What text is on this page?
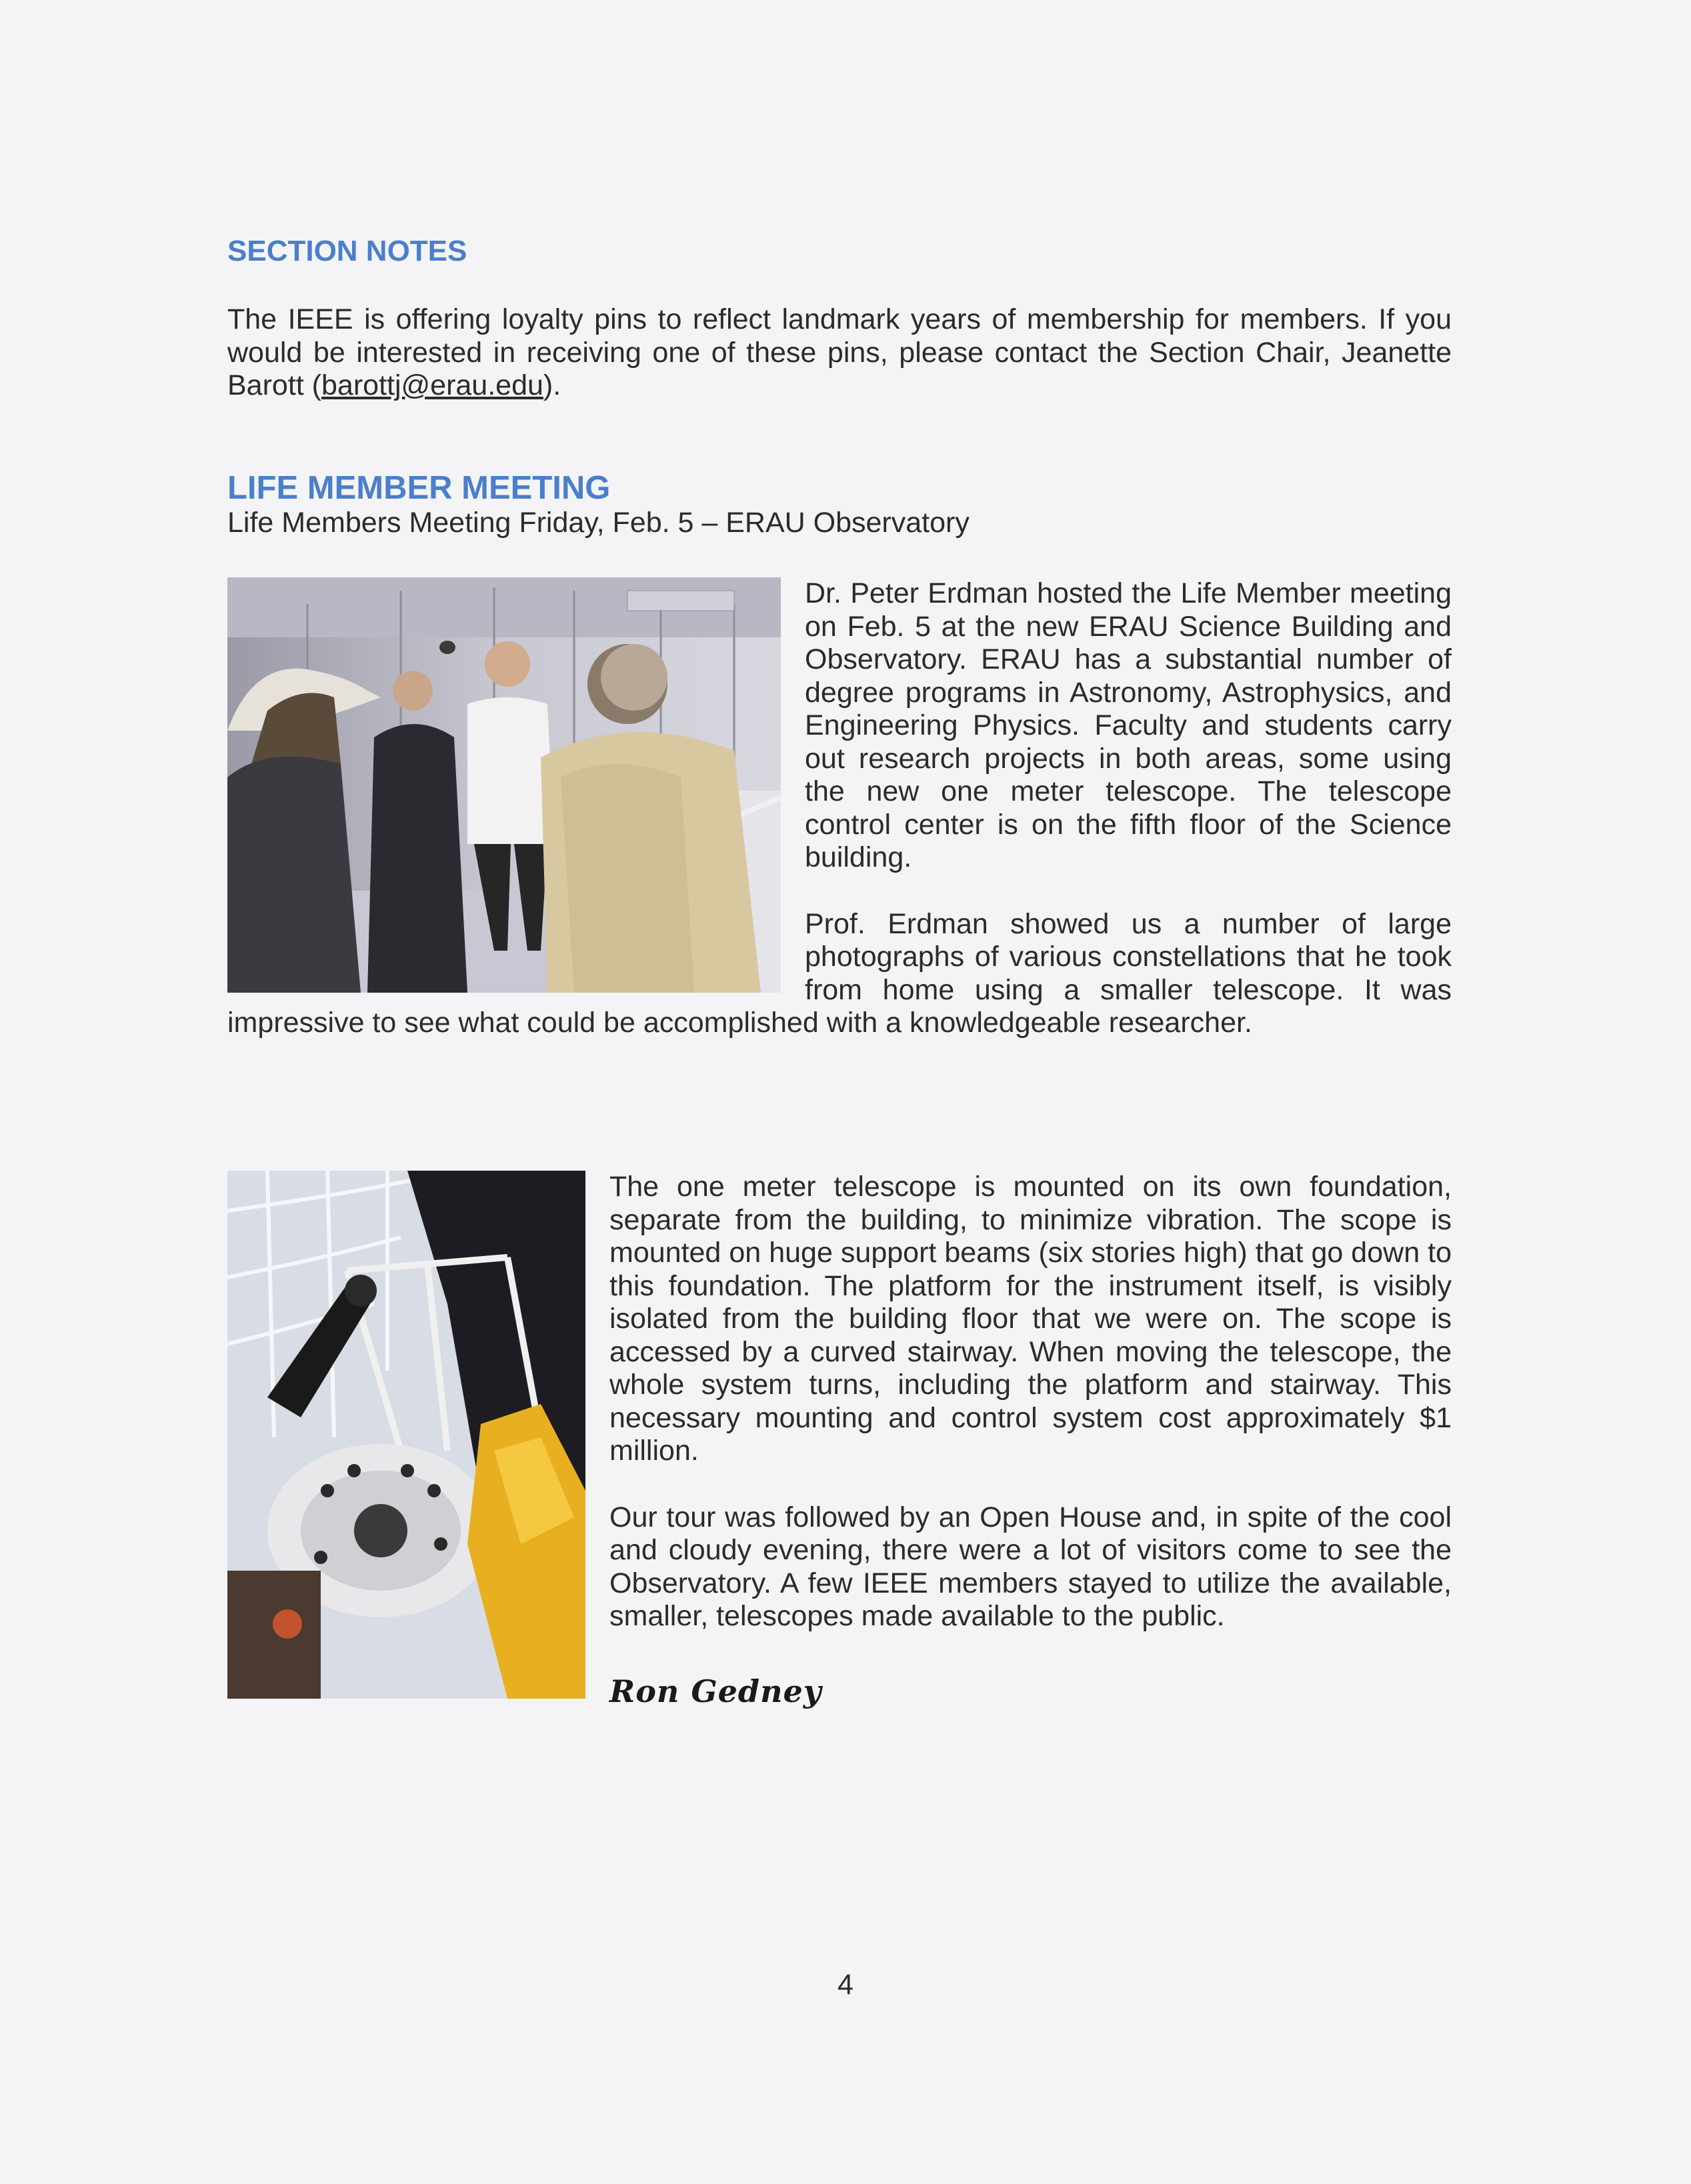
SECTION NOTES

The IEEE is offering loyalty pins to reflect landmark years of membership for members. If you would be interested in receiving one of these pins, please contact the Section Chair, Jeanette Barott (barottj@erau.edu).

LIFE MEMBER MEETING

Life Members Meeting Friday, Feb. 5 – ERAU Observatory

Dr. Peter Erdman hosted the Life Member meeting on Feb. 5 at the new ERAU Science Building and Observatory. ERAU has a substantial number of degree programs in Astronomy, Astrophysics, and Engineering Physics. Faculty and students carry out research projects in both areas, some using the new one meter telescope. The telescope control center is on the fifth floor of the Science building.

Prof. Erdman showed us a number of large photographs of various constellations that he took from home using a smaller telescope. It was impressive to see what could be accomplished with a knowledgeable researcher.

The one meter telescope is mounted on its own foundation, separate from the building, to minimize vibration. The scope is mounted on huge support beams (six stories high) that go down to this foundation. The platform for the instrument itself, is visibly isolated from the building floor that we were on. The scope is accessed by a curved stairway. When moving the telescope, the whole system turns, including the platform and stairway. This necessary mounting and control system cost approximately $1 million.

Our tour was followed by an Open House and, in spite of the cool and cloudy evening, there were a lot of visitors come to see the Observatory. A few IEEE members stayed to utilize the available, smaller, telescopes made available to the public.

Ron Gedney

4
